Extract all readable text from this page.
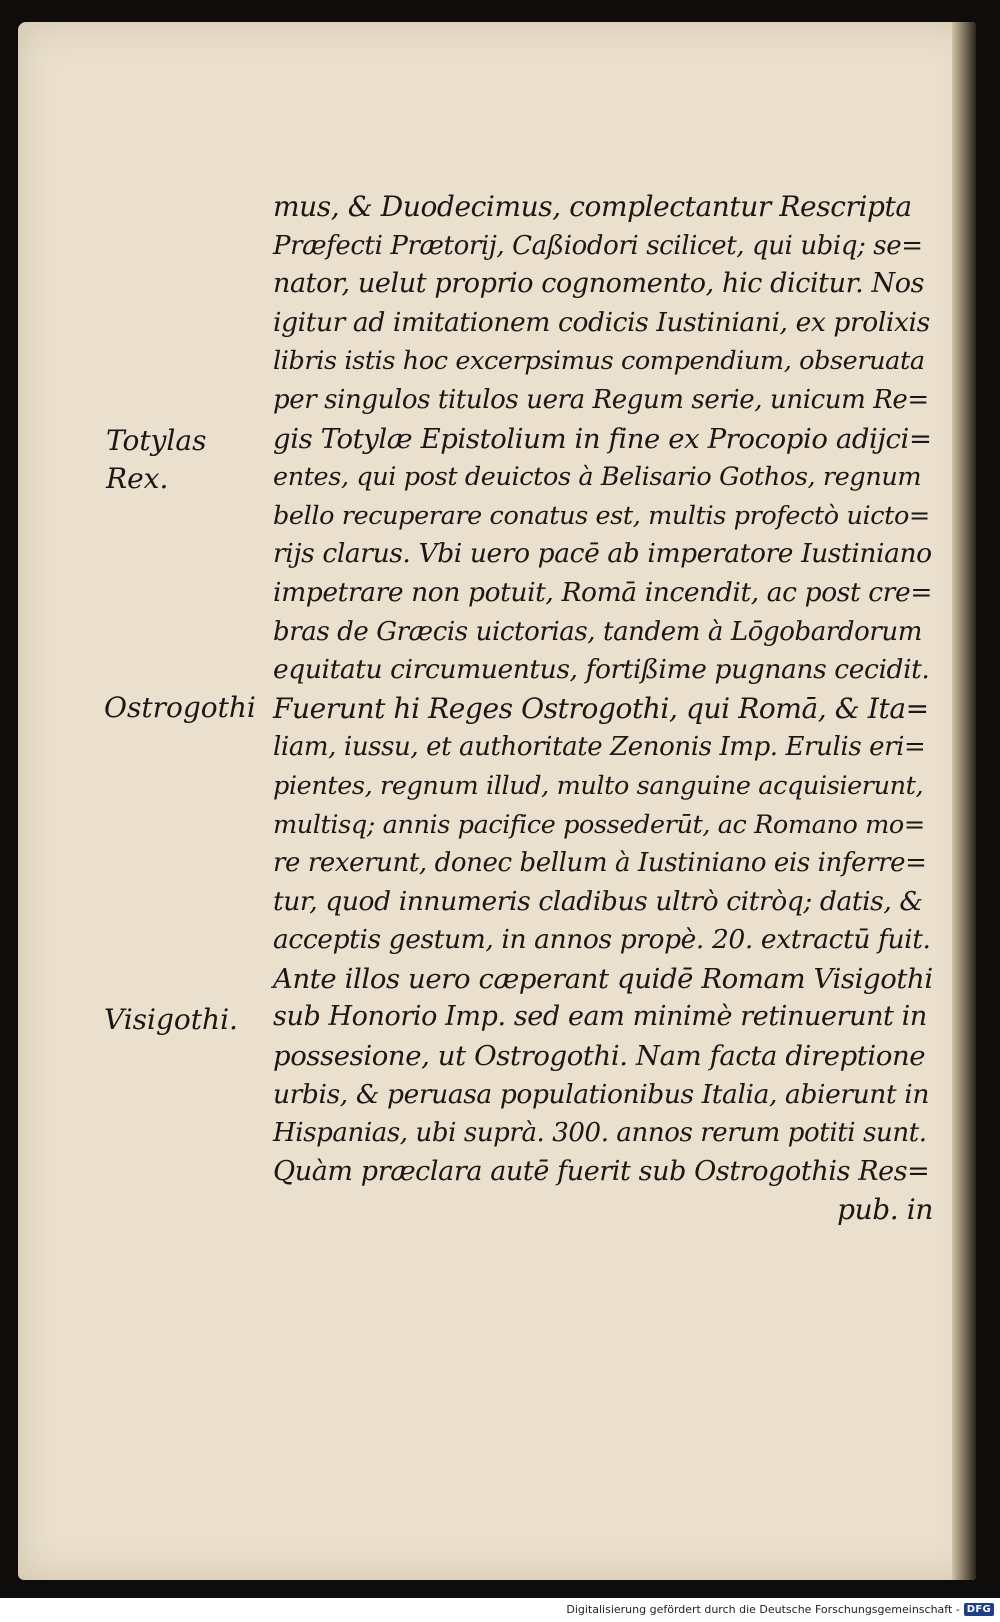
Totylas
Rex.
Ostrogothi
Visigothi.
mus, & Duodecimus, complectantur Rescripta
Præfecti Prætorij, Caßiodori scilicet, qui ubiq; se=
nator, uelut proprio cognomento, hic dicitur. Nos
igitur ad imitationem codicis Iustiniani, ex prolixis
libris istis hoc excerpsimus compendium, obseruata
per singulos titulos uera Regum serie, unicum Re=
gis Totylæ Epistolium in fine ex Procopio adijci=
entes, qui post deuictos à Belisario Gothos, regnum
bello recuperare conatus est, multis profectò uicto=
rijs clarus. Vbi uero pacē ab imperatore Iustiniano
impetrare non potuit, Romā incendit, ac post cre=
bras de Græcis uictorias, tandem à Lōgobardorum
equitatu circumuentus, fortißime pugnans cecidit.
Fuerunt hi Reges Ostrogothi, qui Romā, & Ita=
liam, iussu, et authoritate Zenonis Imp. Erulis eri=
pientes, regnum illud, multo sanguine acquisierunt,
multisq; annis pacifice possederūt, ac Romano mo=
re rexerunt, donec bellum à Iustiniano eis inferre=
tur, quod innumeris cladibus ultrò citròq; datis, &
acceptis gestum, in annos propè. 20. extractū fuit.
Ante illos uero cæperant quidē Romam Visigothi
sub Honorio Imp. sed eam minimè retinuerunt in
possesione, ut Ostrogothi. Nam facta direptione
urbis, & peruasa populationibus Italia, abierunt in
Hispanias, ubi suprà. 300. annos rerum potiti sunt.
Quàm præclara autē fuerit sub Ostrogothis Res=
pub. in
Digitalisierung gefördert durch die Deutsche Forschungsgemeinschaft - DFG
